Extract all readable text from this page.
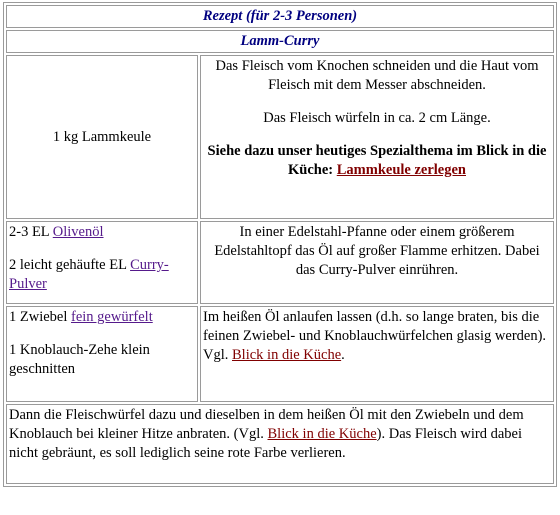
Rezept (für 2-3 Personen)	
Lamm-Curry	
1 kg Lammkeule	Das Fleisch vom Knochen schneiden und die Haut vom Fleisch mit dem Messer abschneiden.

Das Fleisch würfeln in ca. 2 cm Länge.

Siehe dazu unser heutiges Spezialthema im Blick in die Küche: Lammkeule zerlegen

2-3 EL Olivenöl

2 leicht gehäufte EL Curry-Pulver	In einer Edelstahl-Pfanne oder einem größerem Edelstahltopf das Öl auf großer Flamme erhitzen. Dabei das Curry-Pulver einrühren.

1 Zwiebel fein gewürfelt

1 Knoblauch-Zehe klein geschnitten	Im heißen Öl anlaufen lassen (d.h. so lange braten, bis die feinen Zwiebel- und Knoblauchwürfelchen glasig werden). Vgl. Blick in die Küche.
Dann die Fleischwürfel dazu und dieselben in dem heißen Öl mit den Zwiebeln und dem Knoblauch bei kleiner Hitze anbraten. (Vgl. Blick in die Küche). Das Fleisch wird dabei nicht gebräunt, es soll lediglich seine rote Farbe verlieren.	
